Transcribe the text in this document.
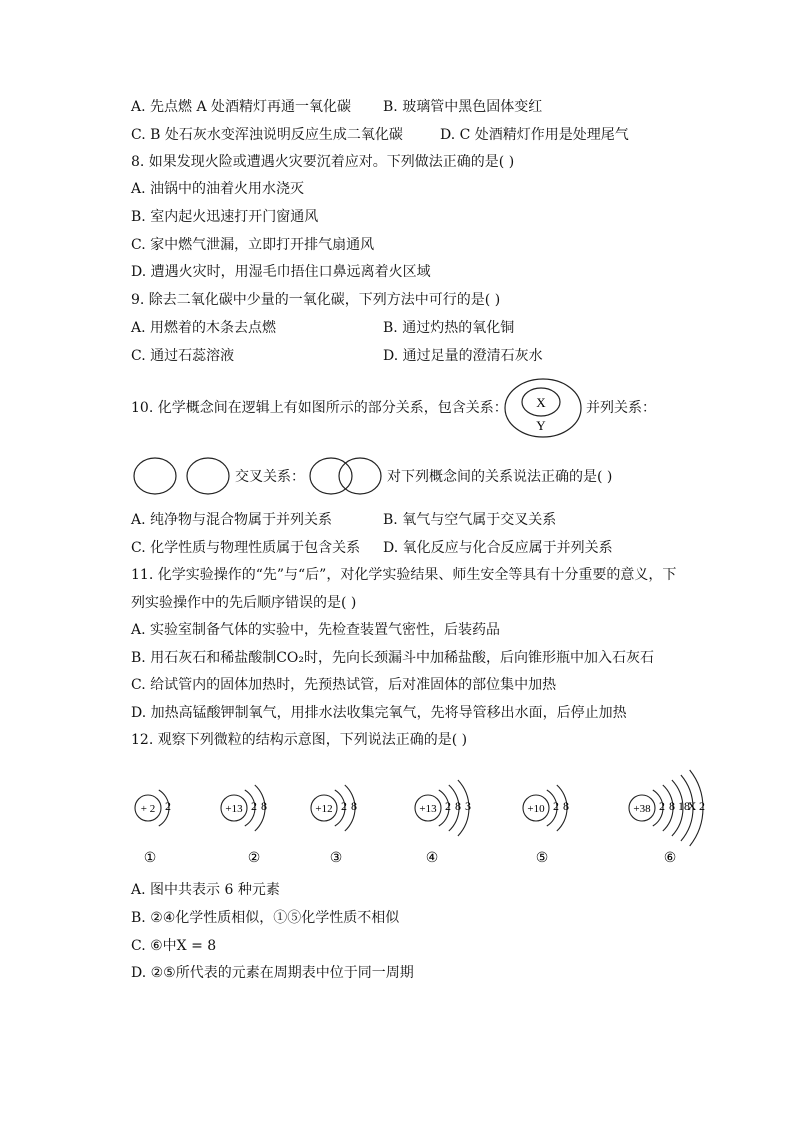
A. 先点燃 A 处酒精灯再通一氧化碳 B. 玻璃管中黑色固体变红
C. B 处石灰水变浑浊说明反应生成二氧化碳	D. C 处酒精灯作用是处理尾气
8. 如果发现火险或遭遇火灾要沉着应对。下列做法正确的是( )
A. 油锅中的油着火用水浇灭
B. 室内起火迅速打开门窗通风
C. 家中燃气泄漏，立即打开排气扇通风
D. 遭遇火灾时，用湿毛巾捂住口鼻远离着火区域
9. 除去二氧化碳中少量的一氧化碳，下列方法中可行的是( )
A. 用燃着的木条去点燃	B. 通过灼热的氧化铜
C. 通过石蕊溶液	D. 通过足量的澄清石灰水
10. 化学概念间在逻辑上有如图所示的部分关系，包含关系： X
Y
并列关系：
交叉关系：	对下列概念间的关系说法正确的是( )
A. 纯净物与混合物属于并列关系	B. 氧气与空气属于交叉关系
C. 化学性质与物理性质属于包含关系 D. 氧化反应与化合反应属于并列关系
11. 化学实验操作的“先”与“后”，对化学实验结果、师生安全等具有十分重要的意义，下
列实验操作中的先后顺序错误的是( )
A. 实验室制备气体的实验中，先检查装置气密性，后装药品
B. 用石灰石和稀盐酸制CO₂时，先向长颈漏斗中加稀盐酸，后向锥形瓶中加入石灰石
C. 给试管内的固体加热时，先预热试管，后对准固体的部位集中加热
D. 加热高锰酸钾制氧气，用排水法收集完氧气，先将导管移出水面，后停止加热
12. 观察下列微粒的结构示意图，下列说法正确的是( )
+ 2 2
①
+13 2 8
②
+12 2 8
③
+13 2 8 3
④
+10 2 8
⑤
+38 2 8 18
X 2
⑥
A. 图中共表示 6 种元素
B. ②④化学性质相似，①⑤化学性质不相似
C. ⑥中X = 8
D. ②⑤所代表的元素在周期表中位于同一周期
